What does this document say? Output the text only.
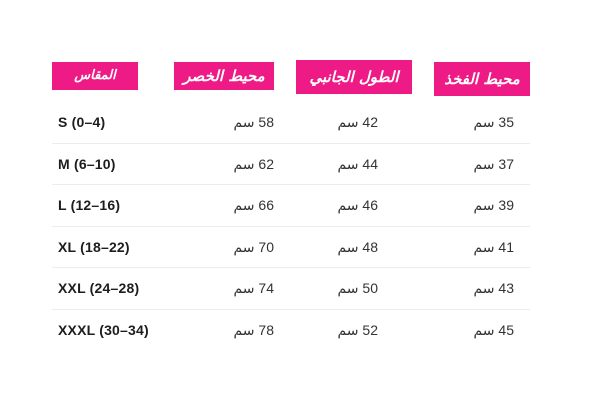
المقاس	محيط الخصر	الطول الجانبي	محيط الفخذ
S (0–4)	58 سم	42 سم	35 سم
M (6–10)	62 سم	44 سم	37 سم
L (12–16)	66 سم	46 سم	39 سم
XL (18–22)	70 سم	48 سم	41 سم
XXL (24–28)	74 سم	50 سم	43 سم
XXXL (30–34)	78 سم	52 سم	45 سم
